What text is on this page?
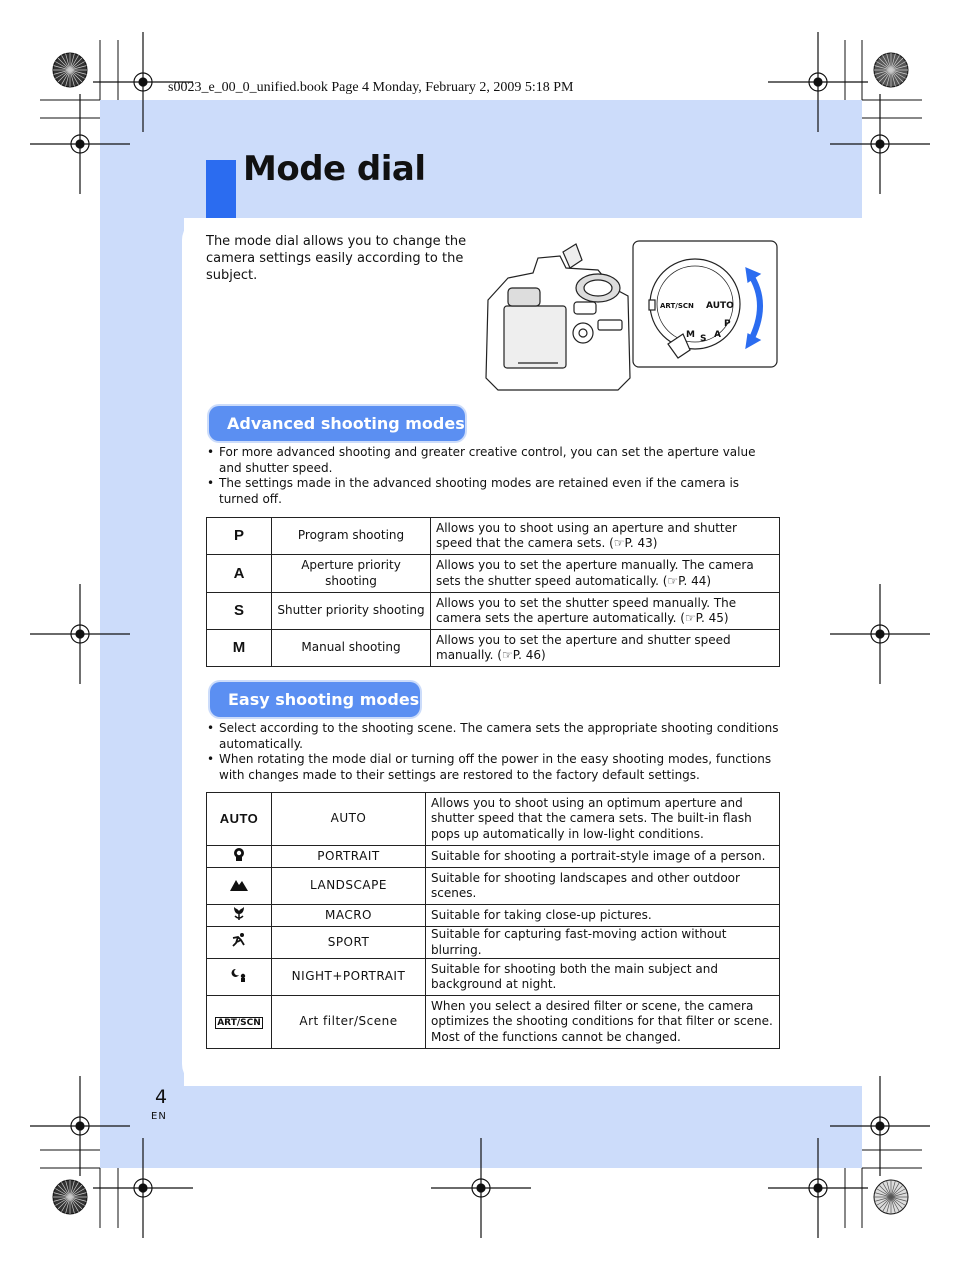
s0023_e_00_0_unified.book Page 4 Monday, February 2, 2009 5:18 PM
Mode dial
The mode dial allows you to change the camera settings easily according to the subject.
AUTO
P
A
S
M
ART/SCN
Advanced shooting modes
• For more advanced shooting and greater creative control, you can set the aperture value and shutter speed.
• The settings made in the advanced shooting modes are retained even if the camera is turned off.
P	Program shooting	Allows you to shoot using an aperture and shutter speed that the camera sets. (☞P. 43)
A	Aperture priority shooting	Allows you to set the aperture manually. The camera sets the shutter speed automatically. (☞P. 44)
S	Shutter priority shooting	Allows you to set the shutter speed manually. The camera sets the aperture automatically. (☞P. 45)
M	Manual shooting	Allows you to set the aperture and shutter speed manually. (☞P. 46)
Easy shooting modes
• Select according to the shooting scene. The camera sets the appropriate shooting conditions automatically.
• When rotating the mode dial or turning off the power in the easy shooting modes, functions with changes made to their settings are restored to the factory default settings.
AUTO	AUTO	Allows you to shoot using an optimum aperture and shutter speed that the camera sets. The built-in flash pops up automatically in low-light conditions.
	PORTRAIT	Suitable for shooting a portrait-style image of a person.
	LANDSCAPE	Suitable for shooting landscapes and other outdoor scenes.
	MACRO	Suitable for taking close-up pictures.
	SPORT	Suitable for capturing fast-moving action without blurring.
	NIGHT+PORTRAIT	Suitable for shooting both the main subject and background at night.
ART/SCN	Art filter/Scene	When you select a desired filter or scene, the camera optimizes the shooting conditions for that filter or scene. Most of the functions cannot be changed.
4
EN
